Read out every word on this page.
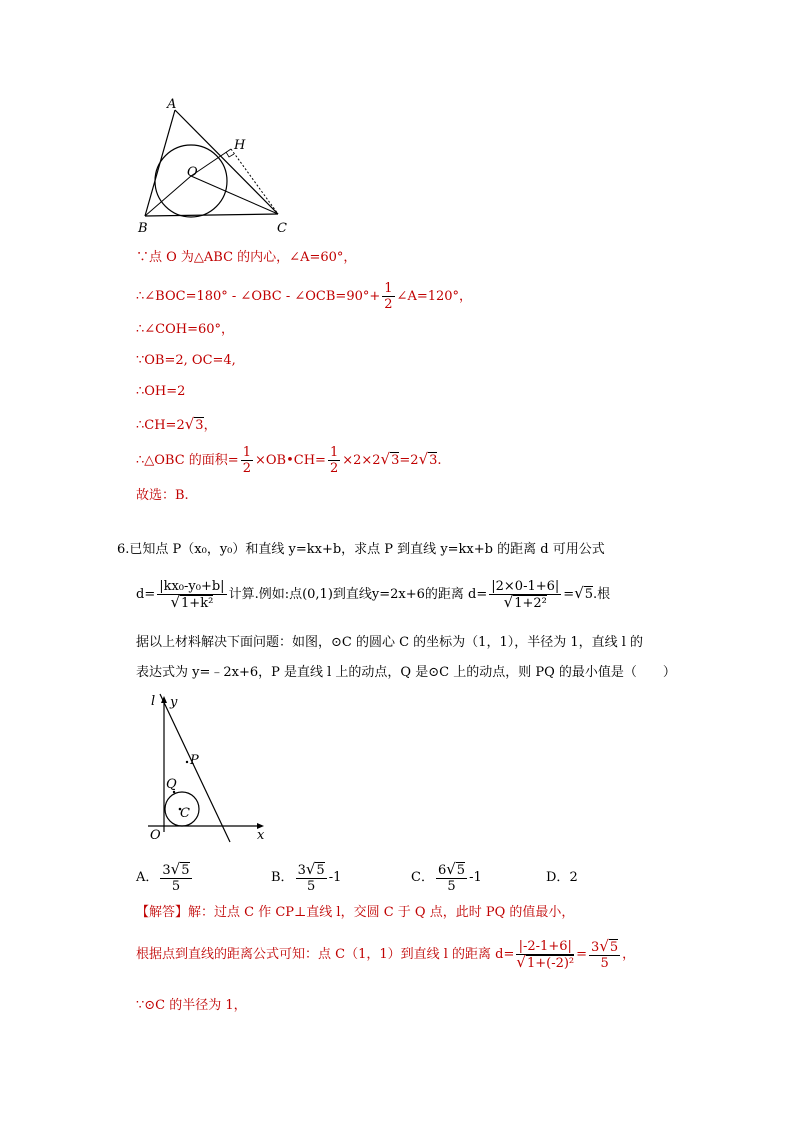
A
H
O
B	C
∵点 O 为△ABC 的内心，∠A=60°，
∴∠BOC=180° - ∠OBC - ∠OCB=90°+ $\frac{1}{2}$ ∠A=120°，
∴∠COH=60°，
∵OB=2, OC=4,
∴OH=2
∴CH=2√3，
∴△OBC 的面积= $\frac{1}{2}$ ×OB•CH= $\frac{1}{2} \times 2\times 2√3=2√3$.
故选：B.
6.已知点 P（x₀，y₀）和直线 y=kx+b，求点 P 到直线 y=kx+b 的距离 d 可用公式
$d= \frac{\text{|kx₀-y₀+b|}}{\text{√1+k²}}$ 计算.例如:点(0,1)到直线y=2x+6的距离 $d= \frac{|2\times 0-1+6|}{\text{√1+2²}} =√5$.根
据以上材料解决下面问题：如图，⊙C 的圆心 C 的坐标为（1，1），半径为 1，直线 l 的
表达式为 y=﹣2x+6，P 是直线 l 上的动点，Q 是⊙C 上的动点，则 PQ 的最小值是（　　）
l y
P
Q
C
O	x
A． $\frac{3√5}{5}$	B． $\frac{3√5}{5} -1$	C． $\frac{6√5}{5} -1$	D．2
【解答】解：过点 C 作 CP⊥直线 l，交圆 C 于 Q 点，此时 PQ 的值最小，
根据点到直线的距离公式可知：点 C（1，1）到直线 l 的距离 $d= \frac{|-2-1+6|}{\text{√1+(-2)²}} = \frac{3√5}{5}$ ，
∵⊙C 的半径为 1，
